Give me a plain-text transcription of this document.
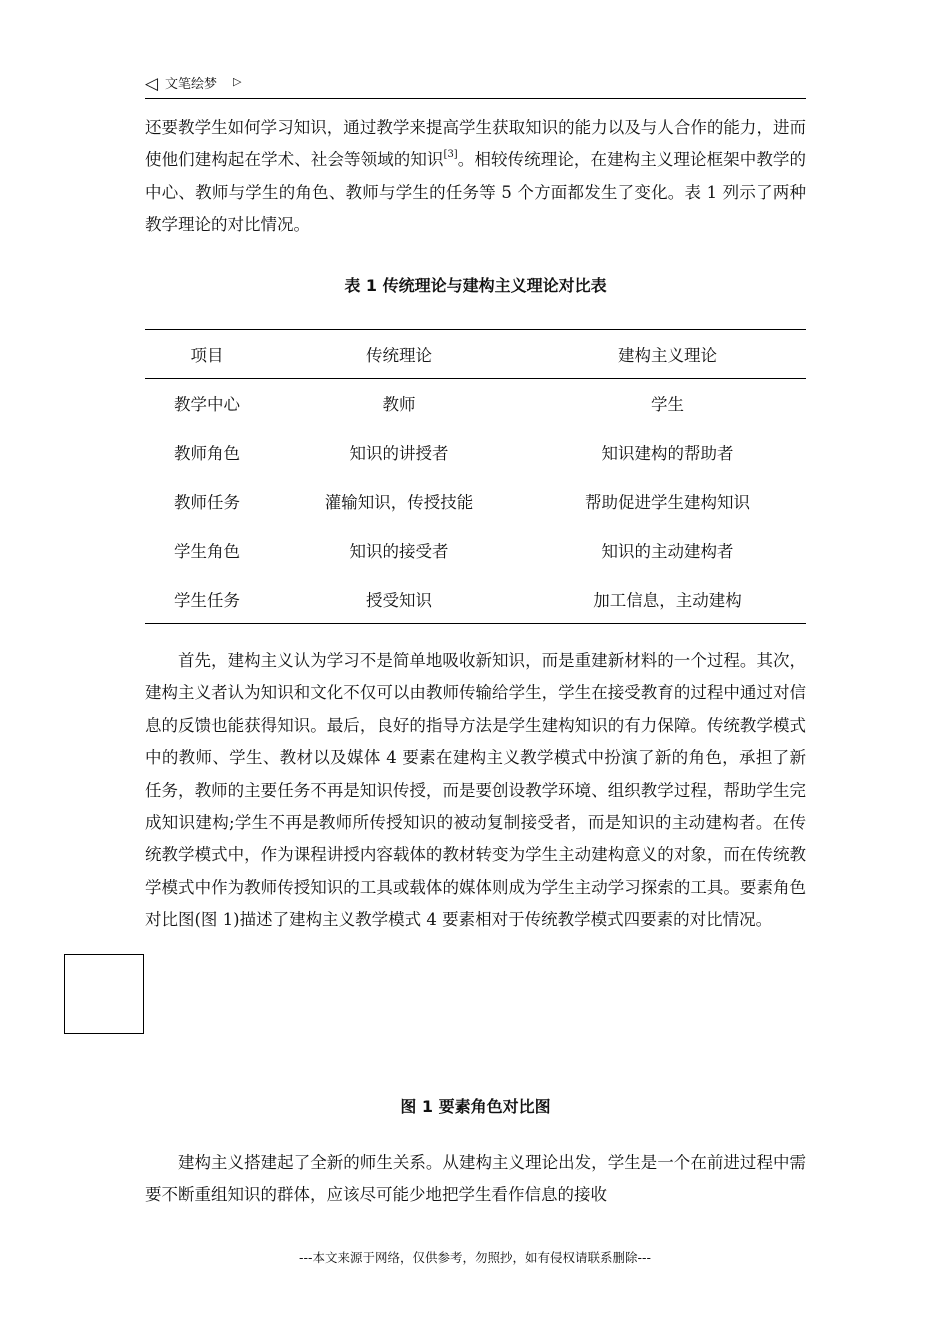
◁ 文笔绘梦 ▷

还要教学生如何学习知识，通过教学来提高学生获取知识的能力以及与人合作的能力，进而使他们建构起在学术、社会等领域的知识[3]。相较传统理论，在建构主义理论框架中教学的中心、教师与学生的角色、教师与学生的任务等 5 个方面都发生了变化。表 1 列示了两种教学理论的对比情况。

表 1 传统理论与建构主义理论对比表

项目	传统理论	建构主义理论
教学中心	教师	学生
教师角色	知识的讲授者	知识建构的帮助者
教师任务	灌输知识，传授技能	帮助促进学生建构知识
学生角色	知识的接受者	知识的主动建构者
学生任务	授受知识	加工信息，主动建构

首先，建构主义认为学习不是简单地吸收新知识，而是重建新材料的一个过程。其次，建构主义者认为知识和文化不仅可以由教师传输给学生，学生在接受教育的过程中通过对信息的反馈也能获得知识。最后，良好的指导方法是学生建构知识的有力保障。传统教学模式中的教师、学生、教材以及媒体 4 要素在建构主义教学模式中扮演了新的角色，承担了新任务，教师的主要任务不再是知识传授，而是要创设教学环境、组织教学过程，帮助学生完成知识建构;学生不再是教师所传授知识的被动复制接受者，而是知识的主动建构者。在传统教学模式中，作为课程讲授内容载体的教材转变为学生主动建构意义的对象，而在传统教学模式中作为教师传授知识的工具或载体的媒体则成为学生主动学习探索的工具。要素角色对比图(图 1)描述了建构主义教学模式 4 要素相对于传统教学模式四要素的对比情况。

图 1 要素角色对比图

建构主义搭建起了全新的师生关系。从建构主义理论出发，学生是一个在前进过程中需要不断重组知识的群体，应该尽可能少地把学生看作信息的接收

---本文来源于网络，仅供参考，勿照抄，如有侵权请联系删除---
